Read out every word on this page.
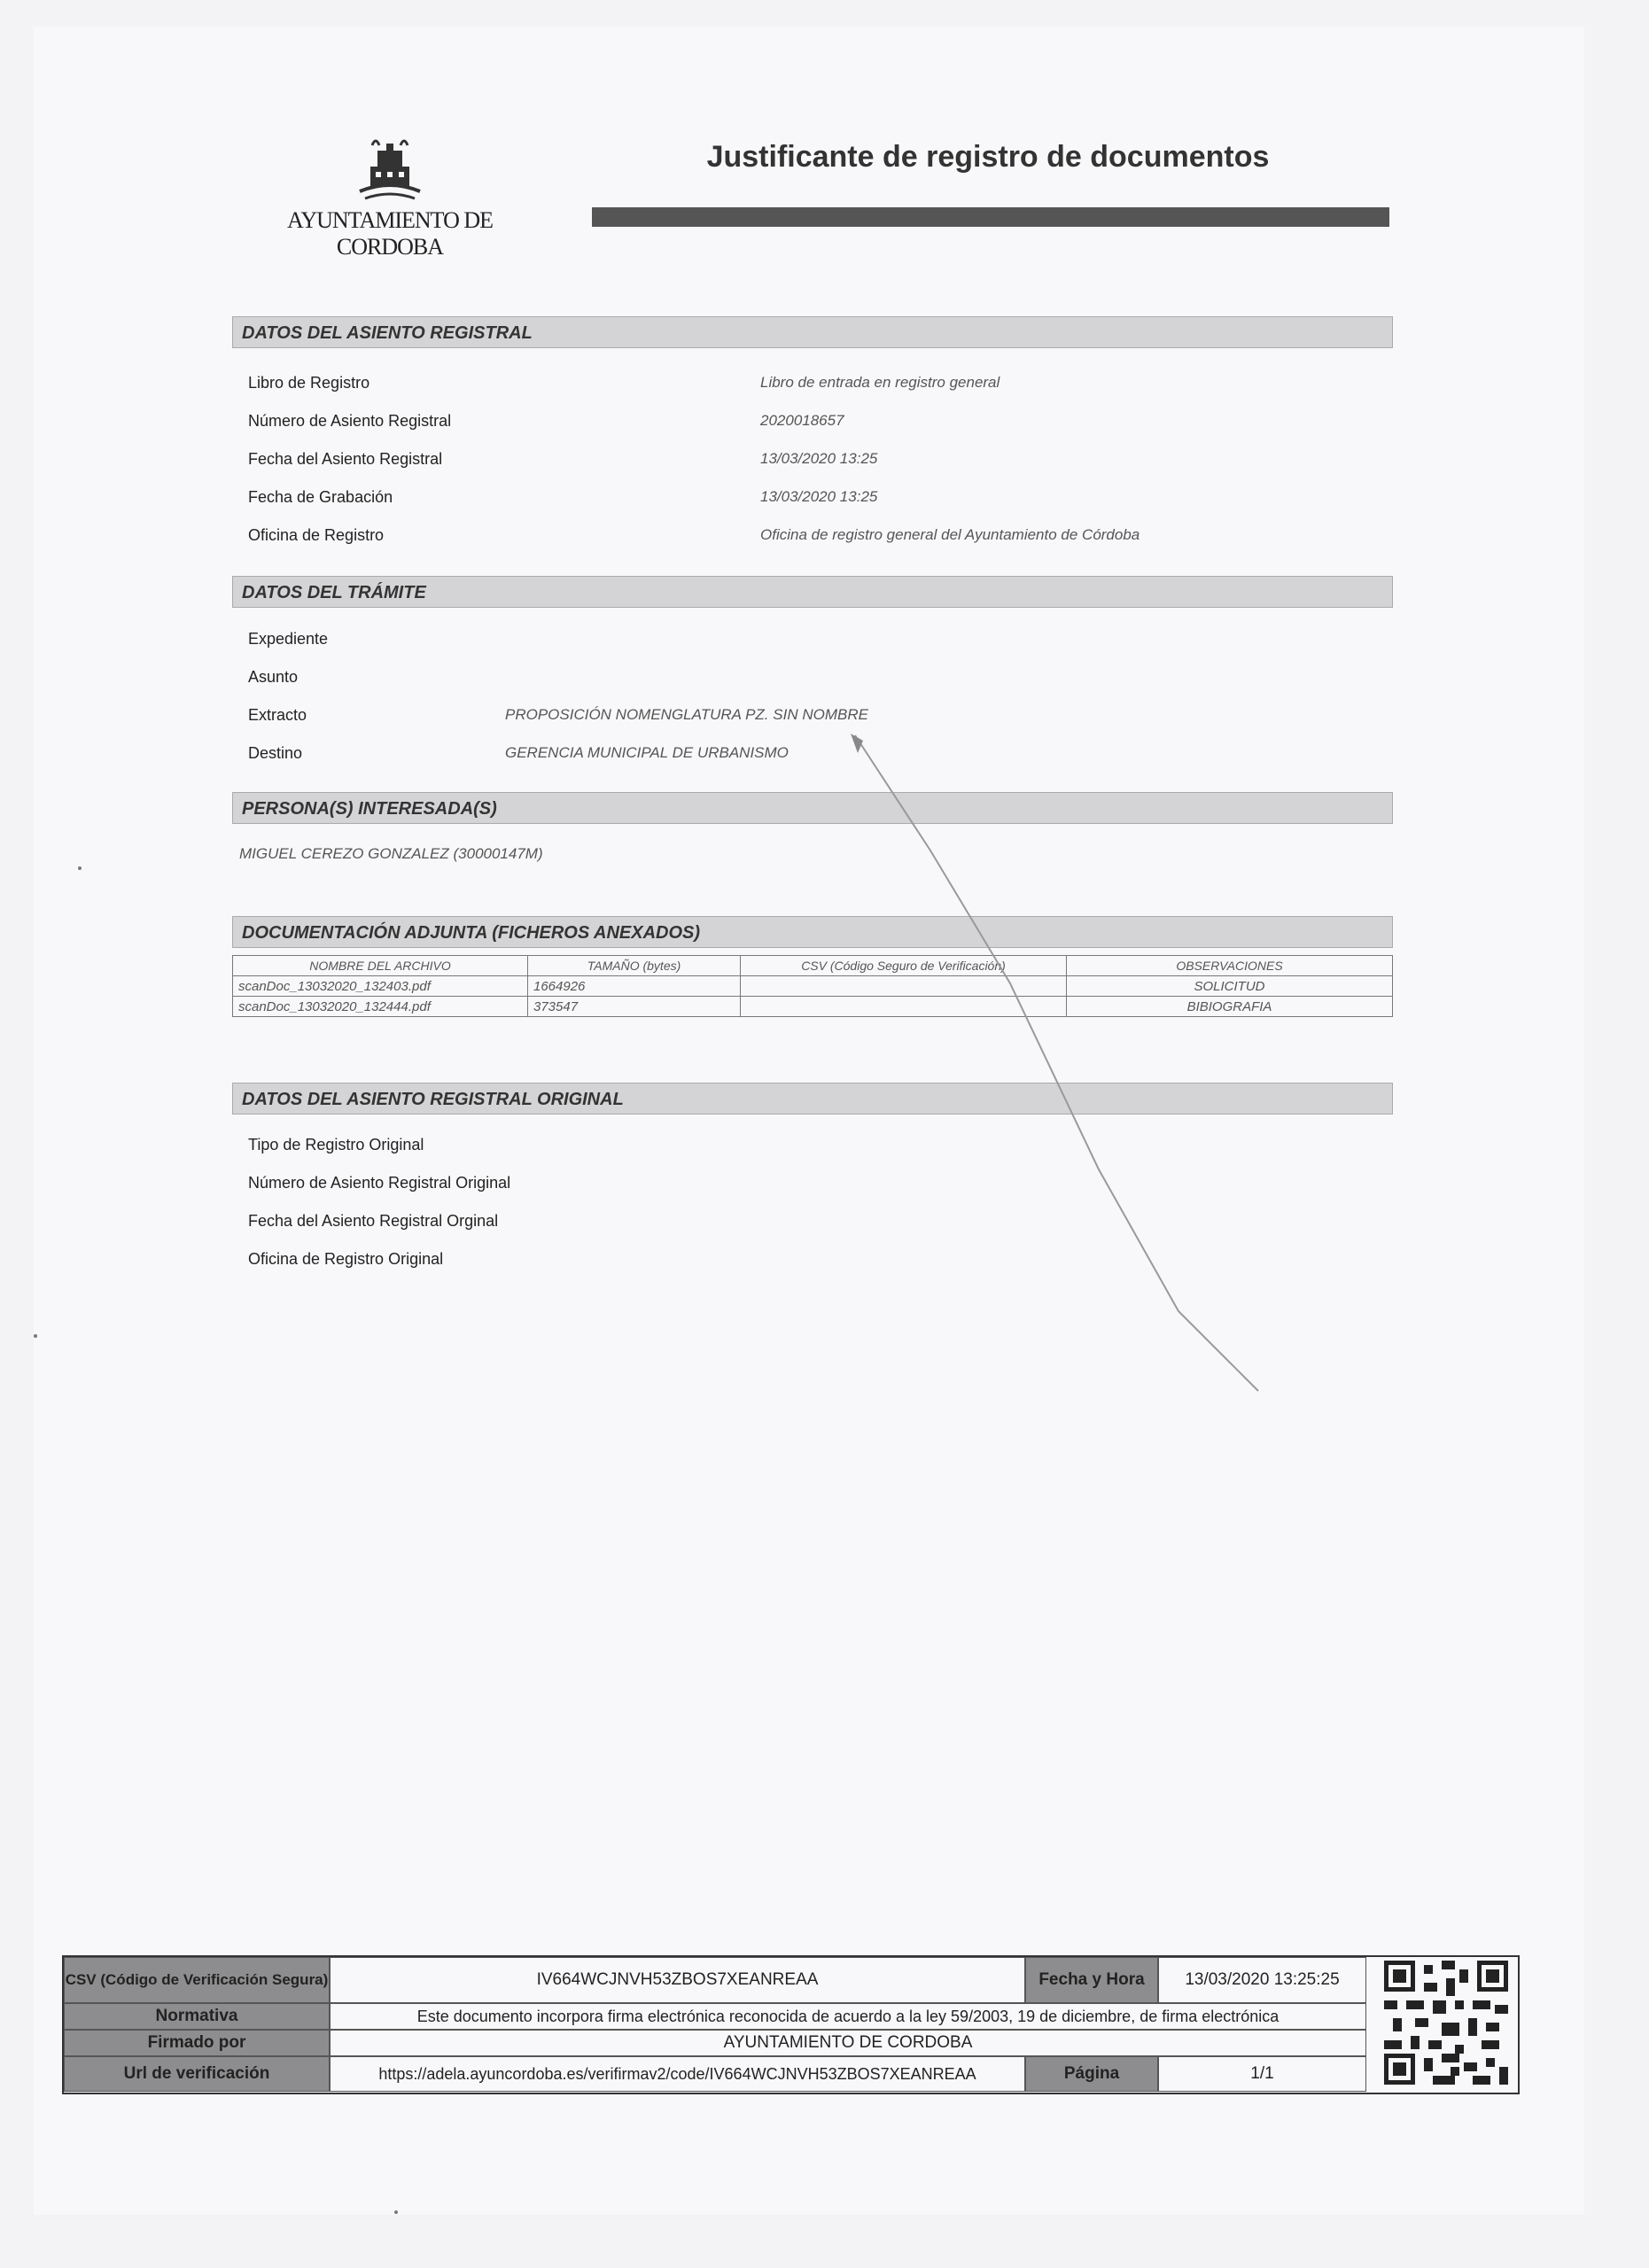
AYUNTAMIENTO DE CORDOBA
Justificante de registro de documentos
DATOS DEL ASIENTO REGISTRAL
Libro de Registro	Libro de entrada en registro general
Número de Asiento Registral	2020018657
Fecha del Asiento Registral	13/03/2020 13:25
Fecha de Grabación	13/03/2020 13:25
Oficina de Registro	Oficina de registro general del Ayuntamiento de Córdoba
DATOS DEL TRÁMITE
Expediente
Asunto
Extracto	PROPOSICIÓN NOMENGLATURA PZ. SIN NOMBRE
Destino	GERENCIA MUNICIPAL DE URBANISMO
PERSONA(S) INTERESADA(S)
MIGUEL CEREZO GONZALEZ (30000147M)
DOCUMENTACIÓN ADJUNTA (FICHEROS ANEXADOS)
NOMBRE DEL ARCHIVO	TAMAÑO (bytes)	CSV (Código Seguro de Verificación)	OBSERVACIONES
scanDoc_13032020_132403.pdf	1664926		SOLICITUD
scanDoc_13032020_132444.pdf	373547		BIBIOGRAFIA
DATOS DEL ASIENTO REGISTRAL ORIGINAL
Tipo de Registro Original
Número de Asiento Registral Original
Fecha del Asiento Registral Orginal
Oficina de Registro Original
CSV (Código de Verificación Segura)	IV664WCJNVH53ZBOS7XEANREAA	Fecha y Hora	13/03/2020 13:25:25
Normativa	Este documento incorpora firma electrónica reconocida de acuerdo a la ley 59/2003, 19 de diciembre, de firma electrónica
Firmado por	AYUNTAMIENTO DE CORDOBA
Url de verificación	https://adela.ayuncordoba.es/verifirmav2/code/IV664WCJNVH53ZBOS7XEANREAA	Página	1/1
